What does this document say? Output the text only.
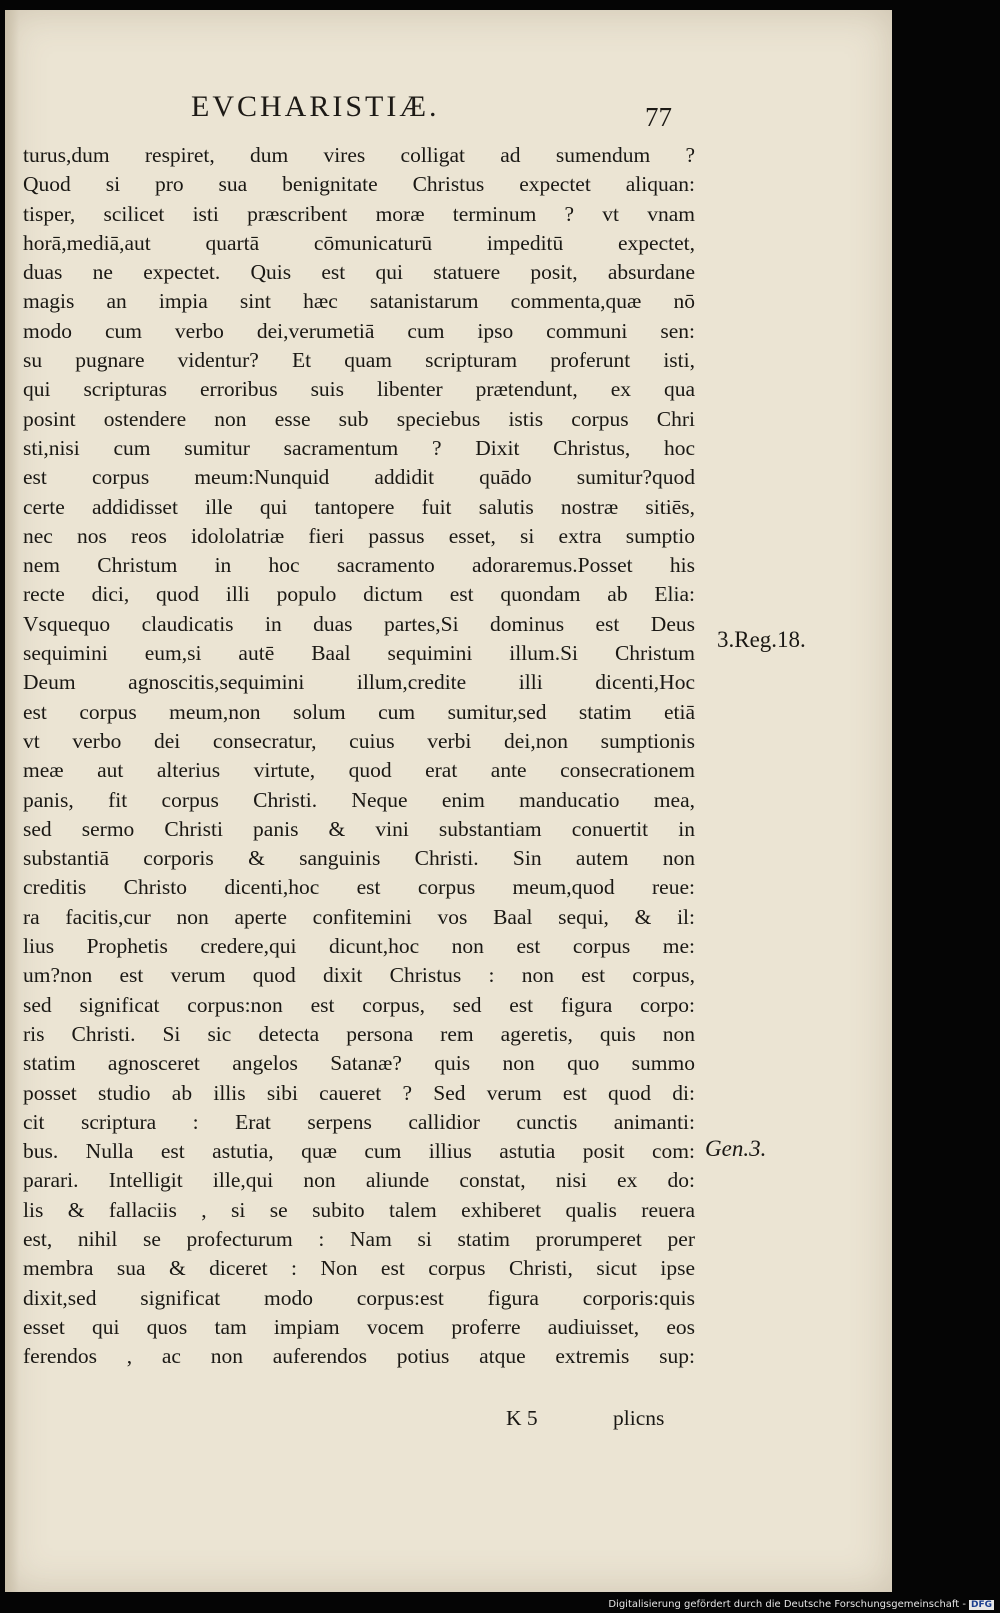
EVCHARISTIÆ.	77
turus,dum respiret, dum vires colligat ad sumendum ?
Quod si pro sua benignitate Christus expectet aliquan:
tisper, scilicet isti præscribent moræ terminum ? vt vnam
horā,mediā,aut quartā cōmunicaturū impeditū expectet,
duas ne expectet. Quis est qui statuere posit, absurdane
magis an impia sint hæc satanistarum commenta,quæ nō
modo cum verbo dei,verumetiā cum ipso communi sen:
su pugnare videntur? Et quam scripturam proferunt isti,
qui scripturas erroribus suis libenter prætendunt, ex qua
posint ostendere non esse sub speciebus istis corpus Chri
sti,nisi cum sumitur sacramentum ? Dixit Christus, hoc
est corpus meum:Nunquid addidit quādo sumitur?quod
certe addidisset ille qui tantopere fuit salutis nostræ sitiēs,
nec nos reos idololatriæ fieri passus esset, si extra sumptio
nem Christum in hoc sacramento adoraremus.Posset his
recte dici, quod illi populo dictum est quondam ab Elia:
Vsquequo claudicatis in duas partes,Si dominus est Deus
sequimini eum,si autē Baal sequimini illum.Si Christum
Deum agnoscitis,sequimini illum,credite illi dicenti,Hoc
est corpus meum,non solum cum sumitur,sed statim etiā
vt verbo dei consecratur, cuius verbi dei,non sumptionis
meæ aut alterius virtute, quod erat ante consecrationem
panis, fit corpus Christi. Neque enim manducatio mea,
sed sermo Christi panis & vini substantiam conuertit in
substantiā corporis & sanguinis Christi. Sin autem non
creditis Christo dicenti,hoc est corpus meum,quod reue:
ra facitis,cur non aperte confitemini vos Baal sequi, & il:
lius Prophetis credere,qui dicunt,hoc non est corpus me:
um?non est verum quod dixit Christus : non est corpus,
sed significat corpus:non est corpus, sed est figura corpo:
ris Christi. Si sic detecta persona rem ageretis, quis non
statim agnosceret angelos Satanæ? quis non quo summo
posset studio ab illis sibi caueret ? Sed verum est quod di:
cit scriptura : Erat serpens callidior cunctis animanti:
bus. Nulla est astutia, quæ cum illius astutia posit com:
parari. Intelligit ille,qui non aliunde constat, nisi ex do:
lis & fallaciis , si se subito talem exhiberet qualis reuera
est, nihil se profecturum : Nam si statim prorumperet per
membra sua & diceret : Non est corpus Christi, sicut ipse
dixit,sed significat modo corpus:est figura corporis:quis
esset qui quos tam impiam vocem proferre audiuisset, eos
ferendos , ac non auferendos potius atque extremis sup:
3.Reg.18.
Gen.3.
K 5	plicns
Digitalisierung gefördert durch die Deutsche Forschungsgemeinschaft - DFG
